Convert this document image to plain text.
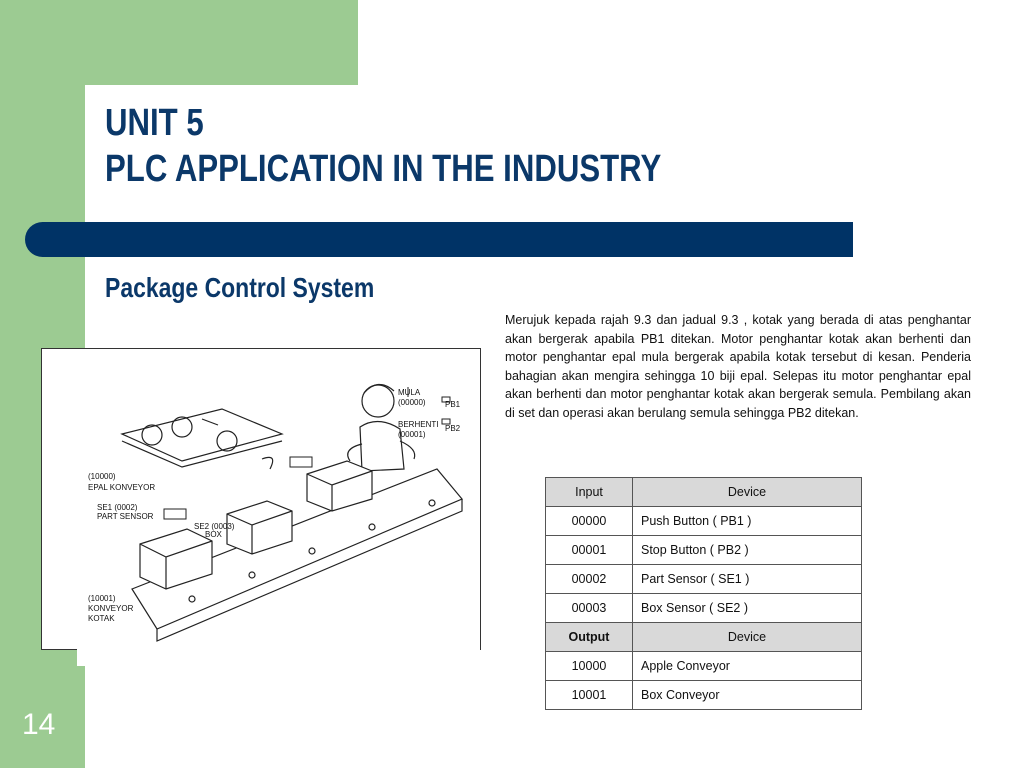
UNIT 5
PLC APPLICATION IN THE INDUSTRY
Package Control System
Merujuk kepada rajah 9.3 dan jadual 9.3 , kotak yang berada di atas penghantar akan bergerak apabila PB1 ditekan. Motor penghantar kotak akan berhenti dan motor penghantar epal mula bergerak apabila kotak tersebut di kesan. Penderia bahagian akan mengira sehingga 10 biji epal. Selepas itu motor penghantar epal akan berhenti dan motor penghantar kotak akan bergerak semula. Pembilang akan di set dan operasi akan berulang semula sehingga PB2 ditekan.
MULA
(00000) PB1
BERHENTI
(00001)
PB2
(10000)
EPAL KONVEYOR
SE1 (0002)
PART SENSOR
SE2 (0003)
BOX
(10001)
KONVEYOR
KOTAK
Input	Device
00000	Push Button ( PB1 )
00001	Stop Button ( PB2 )
00002	Part Sensor ( SE1 )
00003	Box Sensor ( SE2 )
Output	Device
10000	Apple Conveyor
10001	Box Conveyor
14
